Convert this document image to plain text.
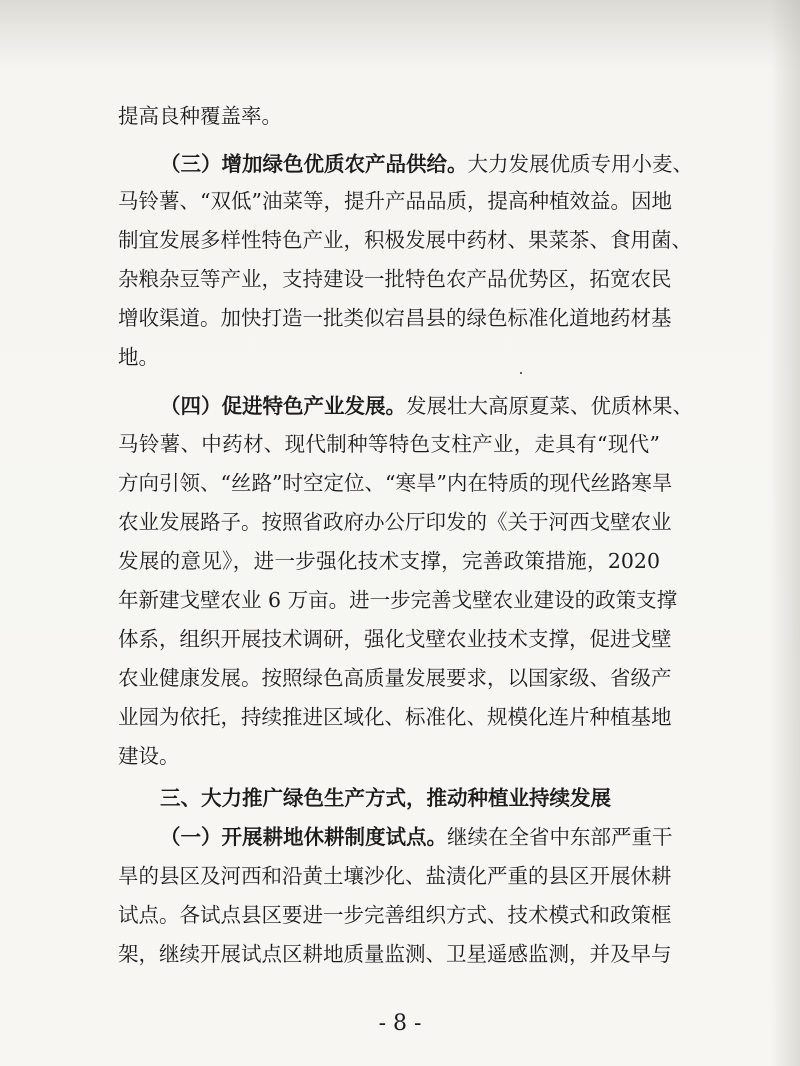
提高良种覆盖率。
（三）增加绿色优质农产品供给。大力发展优质专用小麦、
马铃薯、“双低”油菜等，提升产品品质，提高种植效益。因地
制宜发展多样性特色产业，积极发展中药材、果菜茶、食用菌、
杂粮杂豆等产业，支持建设一批特色农产品优势区，拓宽农民
增收渠道。加快打造一批类似宕昌县的绿色标准化道地药材基
地。
（四）促进特色产业发展。发展壮大高原夏菜、优质林果、
马铃薯、中药材、现代制种等特色支柱产业，走具有“现代”
方向引领、“丝路”时空定位、“寒旱”内在特质的现代丝路寒旱
农业发展路子。按照省政府办公厅印发的《关于河西戈壁农业
发展的意见》，进一步强化技术支撑，完善政策措施，2020
年新建戈壁农业 6 万亩。进一步完善戈壁农业建设的政策支撑
体系，组织开展技术调研，强化戈壁农业技术支撑，促进戈壁
农业健康发展。按照绿色高质量发展要求，以国家级、省级产
业园为依托，持续推进区域化、标准化、规模化连片种植基地
建设。
三、大力推广绿色生产方式，推动种植业持续发展
（一）开展耕地休耕制度试点。继续在全省中东部严重干
旱的县区及河西和沿黄土壤沙化、盐渍化严重的县区开展休耕
试点。各试点县区要进一步完善组织方式、技术模式和政策框
架，继续开展试点区耕地质量监测、卫星遥感监测，并及早与
- 8 -
